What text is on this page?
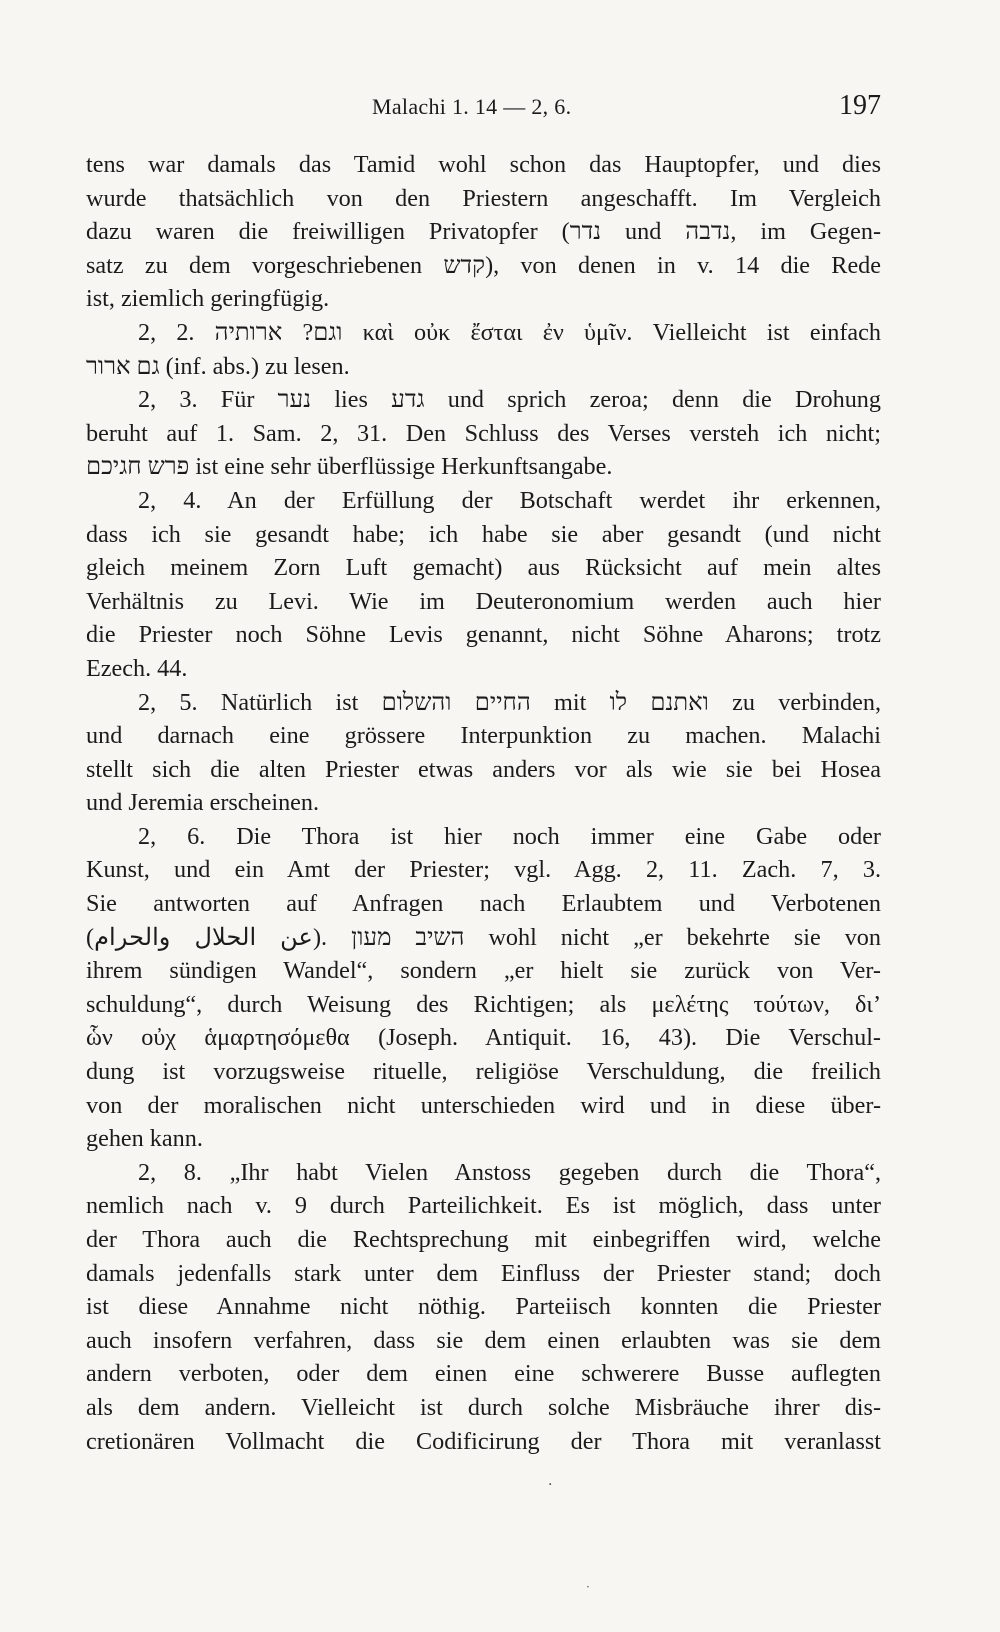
Malachi 1. 14 — 2, 6.	197
tens war damals das Tamid wohl schon das Hauptopfer, und dies
wurde thatsächlich von den Priestern angeschafft. Im Vergleich
dazu waren die freiwilligen Privatopfer (נדר und נדבה, im Gegen-
satz zu dem vorgeschriebenen קדש), von denen in v. 14 die Rede
ist, ziemlich geringfügig.
2, 2. וגם? ארותיה καὶ οὐκ ἔσται ἐν ὑμῖν. Vielleicht ist einfach
גם ארור (inf. abs.) zu lesen.
2, 3. Für נער lies גדע und sprich zeroa; denn die Drohung
beruht auf 1. Sam. 2, 31. Den Schluss des Verses versteh ich nicht;
פרש חגיכם ist eine sehr überflüssige Herkunftsangabe.
2, 4. An der Erfüllung der Botschaft werdet ihr erkennen,
dass ich sie gesandt habe; ich habe sie aber gesandt (und nicht
gleich meinem Zorn Luft gemacht) aus Rücksicht auf mein altes
Verhältnis zu Levi. Wie im Deuteronomium werden auch hier
die Priester noch Söhne Levis genannt, nicht Söhne Aharons; trotz
Ezech. 44.
2, 5. Natürlich ist החיים והשלום mit ואתנם לו zu verbinden,
und darnach eine grössere Interpunktion zu machen. Malachi
stellt sich die alten Priester etwas anders vor als wie sie bei Hosea
und Jeremia erscheinen.
2, 6. Die Thora ist hier noch immer eine Gabe oder
Kunst, und ein Amt der Priester; vgl. Agg. 2, 11. Zach. 7, 3.
Sie antworten auf Anfragen nach Erlaubtem und Verbotenen
(عن الحلال والحرام). השיב מעון wohl nicht „er bekehrte sie von
ihrem sündigen Wandel“, sondern „er hielt sie zurück von Ver-
schuldung“, durch Weisung des Richtigen; als μελέτης τούτων, δι’
ὧν οὐχ ἁμαρτησόμεθα (Joseph. Antiquit. 16, 43). Die Verschul-
dung ist vorzugsweise rituelle, religiöse Verschuldung, die freilich
von der moralischen nicht unterschieden wird und in diese über-
gehen kann.
2, 8. „Ihr habt Vielen Anstoss gegeben durch die Thora“,
nemlich nach v. 9 durch Parteilichkeit. Es ist möglich, dass unter
der Thora auch die Rechtsprechung mit einbegriffen wird, welche
damals jedenfalls stark unter dem Einfluss der Priester stand; doch
ist diese Annahme nicht nöthig. Parteiisch konnten die Priester
auch insofern verfahren, dass sie dem einen erlaubten was sie dem
andern verboten, oder dem einen eine schwerere Busse auflegten
als dem andern. Vielleicht ist durch solche Misbräuche ihrer dis-
cretionären Vollmacht die Codificirung der Thora mit veranlasst
·
·
